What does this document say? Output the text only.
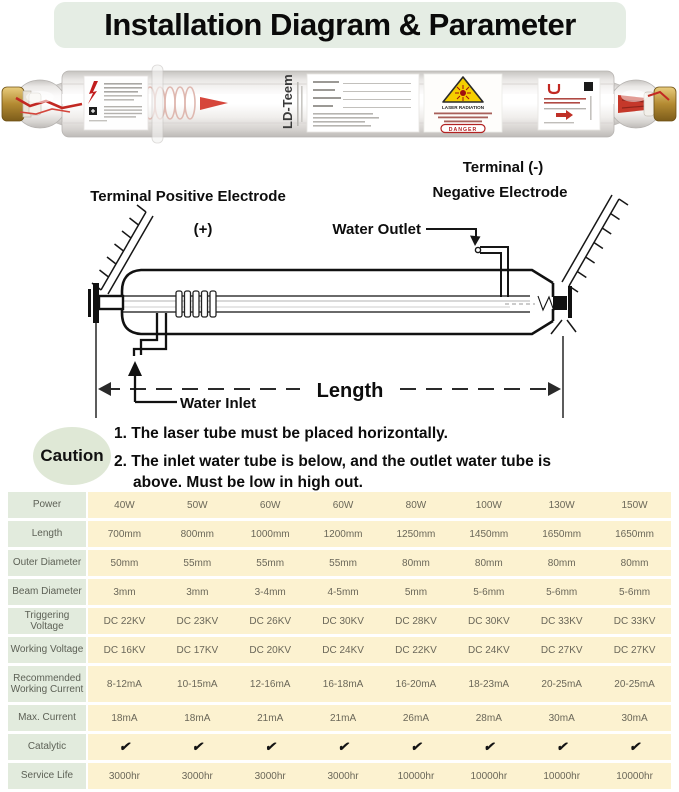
Installation Diagram & Parameter
LD-Teem	LASER RADIATION
DANGER
Terminal (-)
Negative Electrode
Terminal Positive Electrode
(+)	Water Outlet
Water Inlet
Length
Caution

1. The laser tube must be placed horizontally.

2. The inlet water tube is below, and the outlet water tube is above. Must be low in high out.

Power	40W	50W	60W	60W	80W	100W	130W	150W
Length	700mm	800mm	1000mm	1200mm	1250mm	1450mm	1650mm	1650mm
Outer Diameter	50mm	55mm	55mm	55mm	80mm	80mm	80mm	80mm
Beam Diameter	3mm	3mm	3-4mm	4-5mm	5mm	5-6mm	5-6mm	5-6mm
Triggering Voltage	DC 22KV	DC 23KV	DC 26KV	DC 30KV	DC 28KV	DC 30KV	DC 33KV	DC 33KV
Working Voltage	DC 16KV	DC 17KV	DC 20KV	DC 24KV	DC 22KV	DC 24KV	DC 27KV	DC 27KV
Recommended Working Current	8-12mA	10-15mA	12-16mA	16-18mA	16-20mA	18-23mA	20-25mA	20-25mA
Max. Current	18mA	18mA	21mA	21mA	26mA	28mA	30mA	30mA
Catalytic	✔	✔	✔	✔	✔	✔	✔	✔
Service Life	3000hr	3000hr	3000hr	3000hr	10000hr	10000hr	10000hr	10000hr
